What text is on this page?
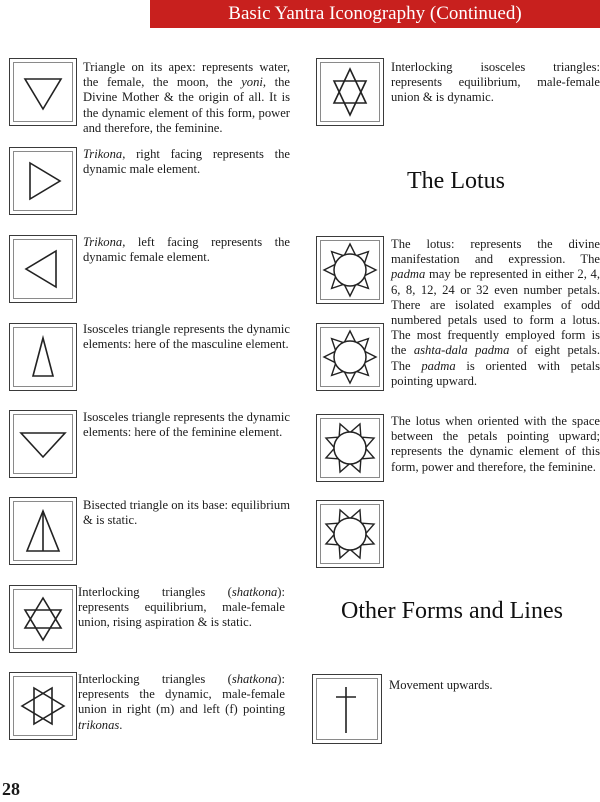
Basic Yantra Iconography (Continued)
Triangle on its apex: represents water, the female, the moon, the yoni, the Divine Mother & the origin of all. It is the dynamic element of this form, power and therefore, the feminine.
Trikona, right facing represents the dynamic male element.
Trikona, left facing represents the dynamic female element.
Isosceles triangle represents the dynamic elements: here of the masculine element.
Isosceles triangle represents the dynamic elements: here of the feminine element.
Bisected triangle on its base: equilibrium & is static.
Interlocking triangles (shatkona): represents equilibrium, male-female union, rising aspiration & is static.
Interlocking triangles (shatkona): represents the dynamic, male-female union in right (m) and left (f) pointing trikonas.
Interlocking isosceles triangles: represents equilibrium, male-female union & is dynamic.
The Lotus
The lotus: represents the divine manifestation and expression. The padma may be represented in either 2, 4, 6, 8, 12, 24 or 32 even number petals. There are isolated examples of odd numbered petals used to form a lotus. The most frequently employed form is the ashta-dala padma of eight petals. The padma is oriented with petals pointing upward.
The lotus when oriented with the space between the petals pointing upward; represents the dynamic element of this form, power and therefore, the feminine.
Other Forms and Lines
Movement upwards.
28
